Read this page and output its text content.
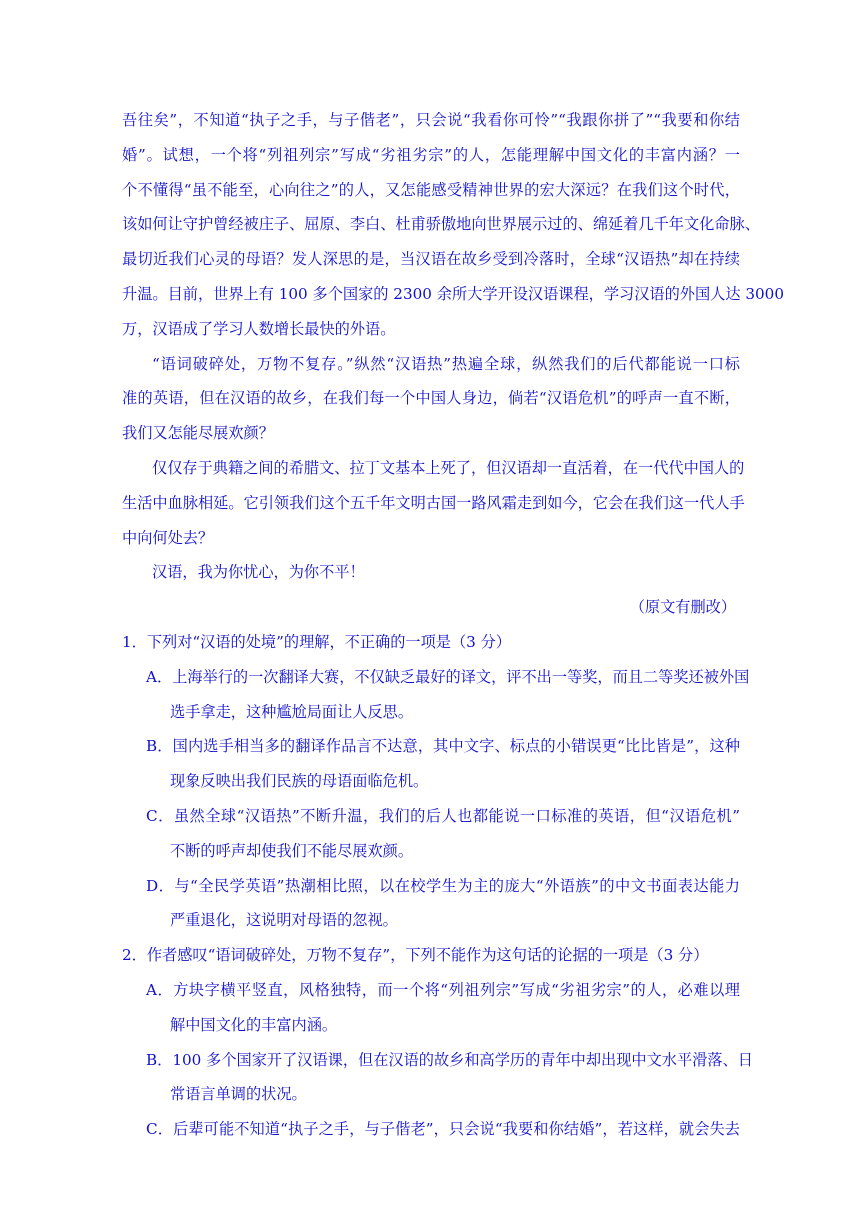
吾往矣”，不知道“执子之手，与子偕老”，只会说“我看你可怜”“我跟你拼了”“我要和你结
婚”。试想，一个将“列祖列宗”写成“劣祖劣宗”的人，怎能理解中国文化的丰富内涵？一
个不懂得“虽不能至，心向往之”的人，又怎能感受精神世界的宏大深远？在我们这个时代，
该如何让守护曾经被庄子、屈原、李白、杜甫骄傲地向世界展示过的、绵延着几千年文化命脉、
最切近我们心灵的母语？发人深思的是，当汉语在故乡受到冷落时，全球“汉语热”却在持续
升温。目前，世界上有 100 多个国家的 2300 余所大学开设汉语课程，学习汉语的外国人达 3000
万，汉语成了学习人数增长最快的外语。
“语词破碎处，万物不复存。”纵然“汉语热”热遍全球，纵然我们的后代都能说一口标
准的英语，但在汉语的故乡，在我们每一个中国人身边，倘若“汉语危机”的呼声一直不断，
我们又怎能尽展欢颜？
仅仅存于典籍之间的希腊文、拉丁文基本上死了，但汉语却一直活着，在一代代中国人的
生活中血脉相延。它引领我们这个五千年文明古国一路风霜走到如今，它会在我们这一代人手
中向何处去？
汉语，我为你忧心，为你不平！
（原文有删改）
1．下列对“汉语的处境”的理解，不正确的一项是（3 分）
A．上海举行的一次翻译大赛，不仅缺乏最好的译文，评不出一等奖，而且二等奖还被外国
选手拿走，这种尴尬局面让人反思。
B．国内选手相当多的翻译作品言不达意，其中文字、标点的小错误更“比比皆是”，这种
现象反映出我们民族的母语面临危机。
C．虽然全球“汉语热”不断升温，我们的后人也都能说一口标准的英语，但“汉语危机”
不断的呼声却使我们不能尽展欢颜。
D．与“全民学英语”热潮相比照，以在校学生为主的庞大“外语族”的中文书面表达能力
严重退化，这说明对母语的忽视。
2．作者感叹“语词破碎处，万物不复存”，下列不能作为这句话的论据的一项是（3 分）
A．方块字横平竖直，风格独特，而一个将“列祖列宗”写成“劣祖劣宗”的人，必难以理
解中国文化的丰富内涵。
B．100 多个国家开了汉语课，但在汉语的故乡和高学历的青年中却出现中文水平滑落、日
常语言单调的状况。
C．后辈可能不知道“执子之手，与子偕老”，只会说“我要和你结婚”，若这样，就会失去
